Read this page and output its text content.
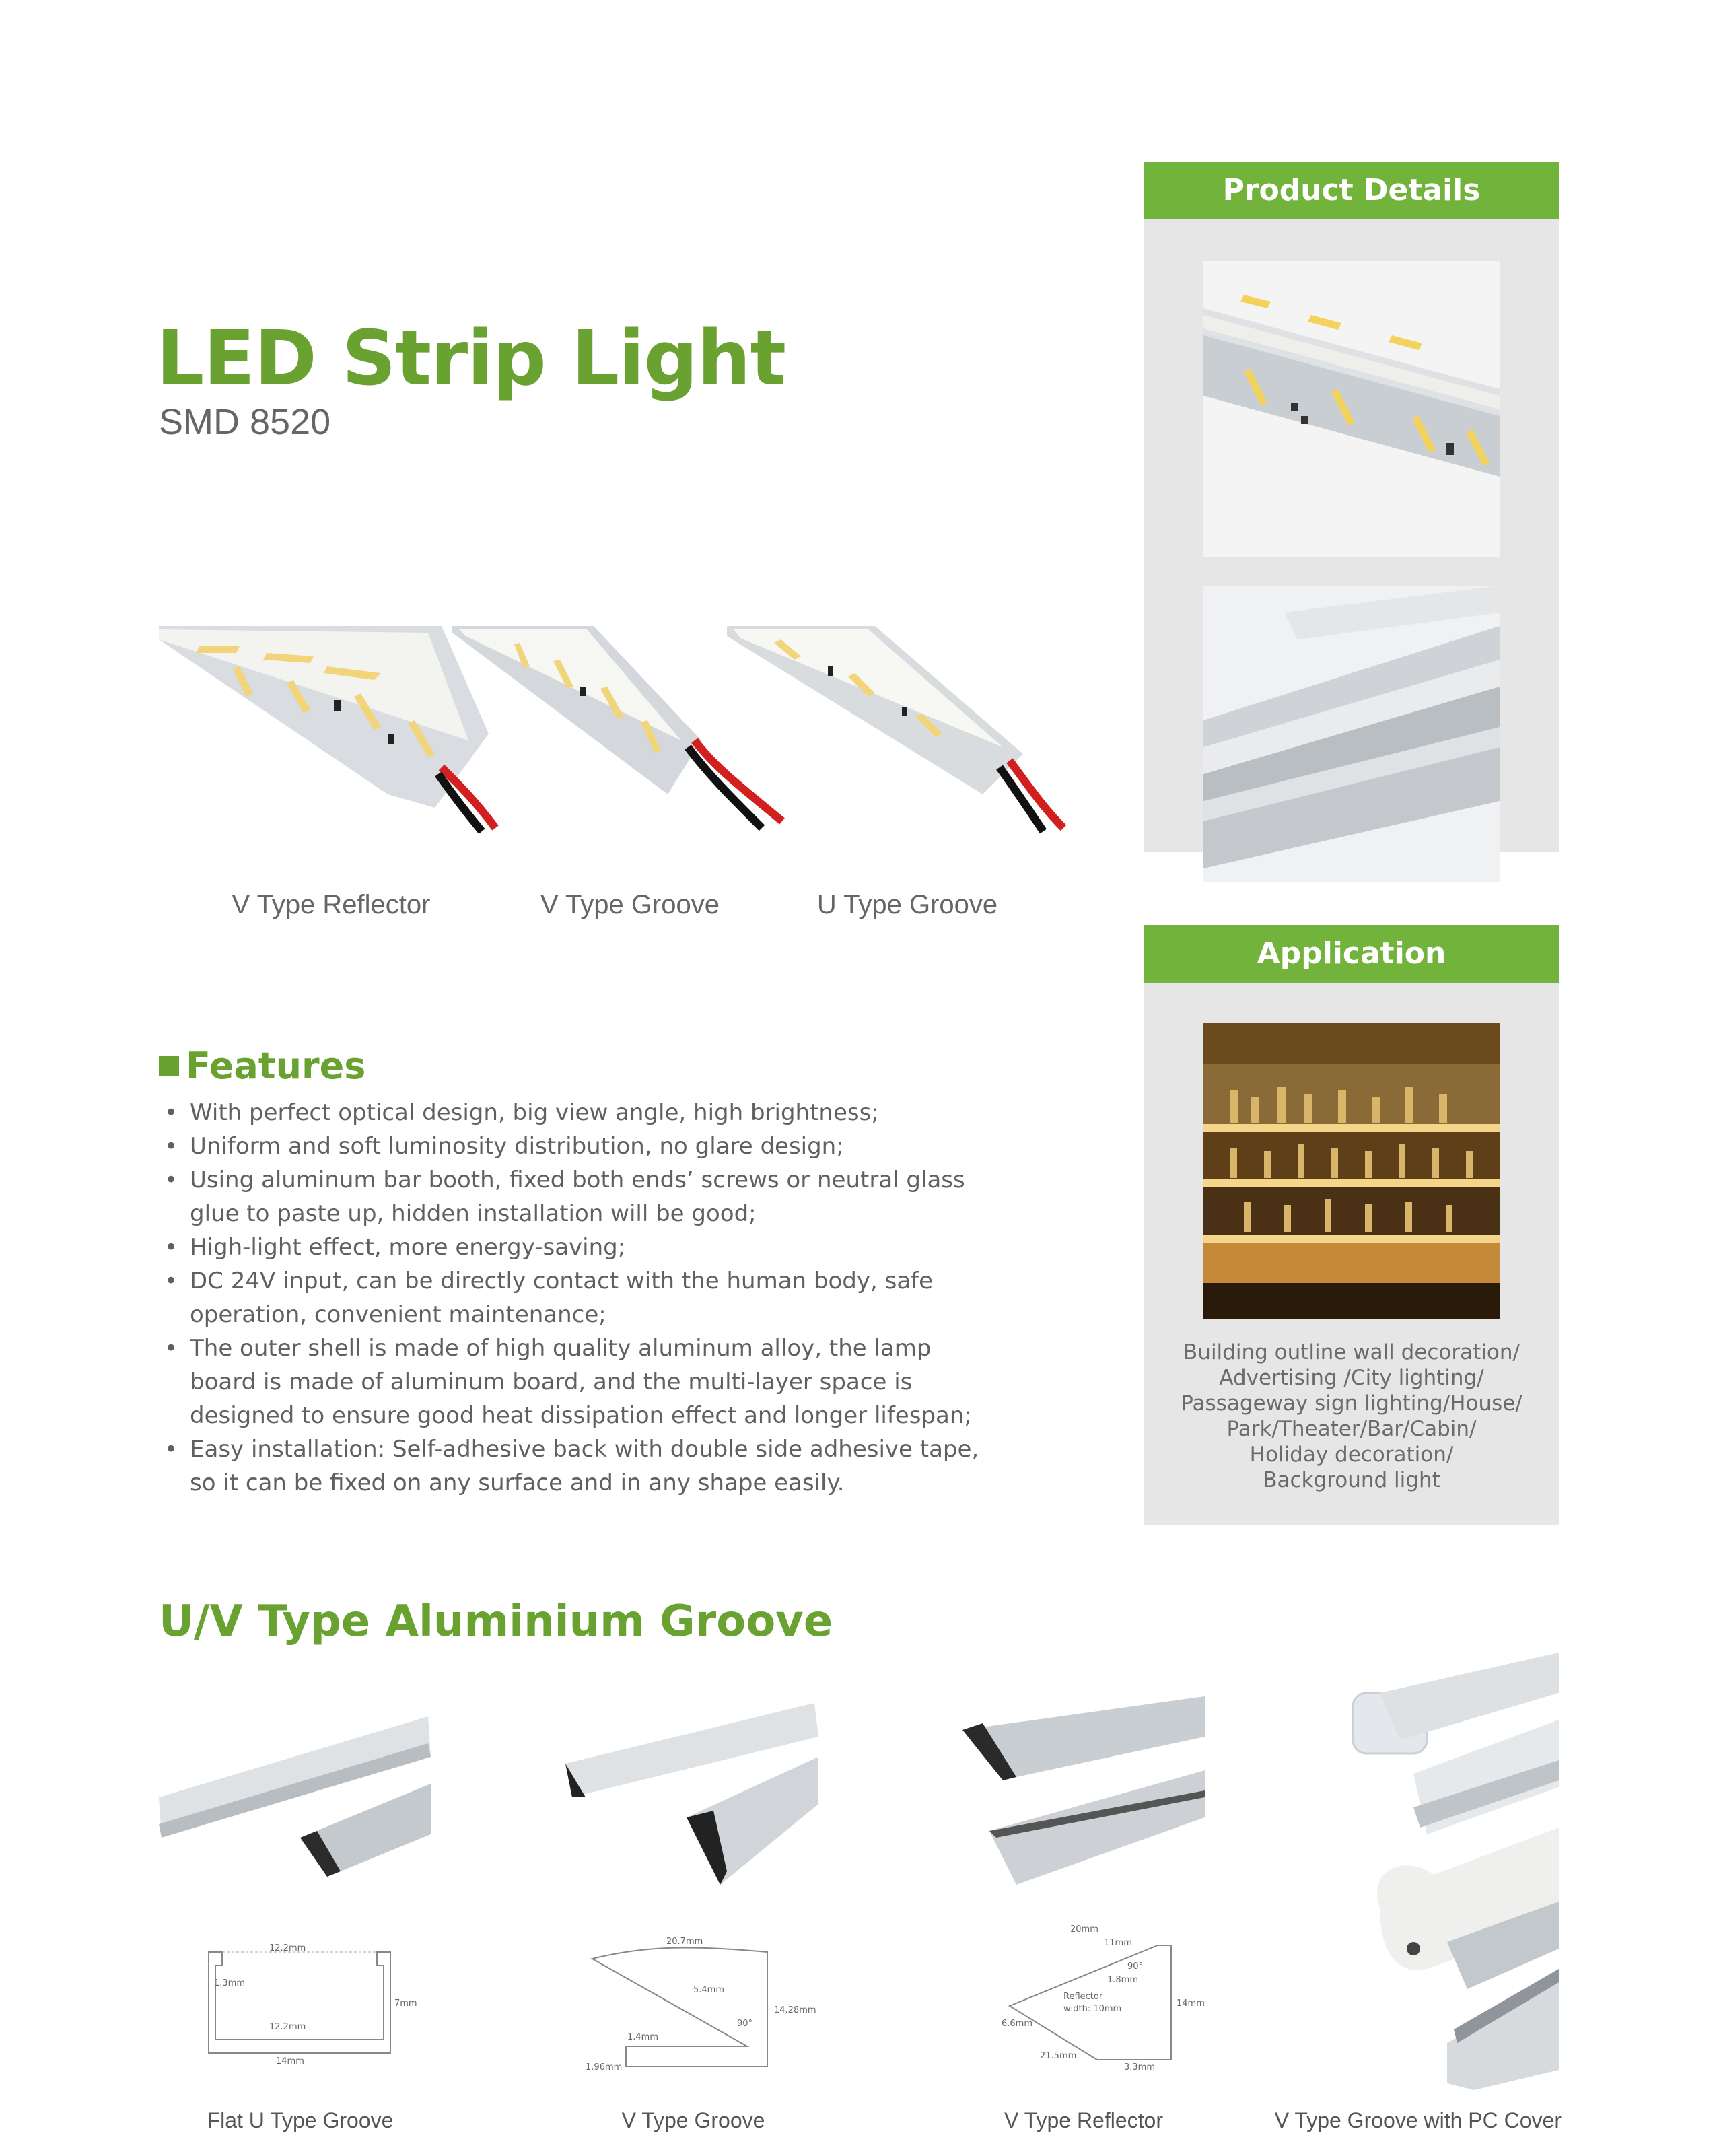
LED Strip Light
SMD 8520
V Type Reflector	V Type Groove	U Type Groove
Features
• With perfect optical design, big view angle, high brightness;
• Uniform and soft luminosity distribution, no glare design;
• Using aluminum bar booth, fixed both ends’ screws or neutral glass glue to paste up, hidden installation will be good;
• High-light effect, more energy-saving;
• DC 24V input, can be directly contact with the human body, safe operation, convenient maintenance;
• The outer shell is made of high quality aluminum alloy, the lamp board is made of aluminum board, and the multi-layer space is designed to ensure good heat dissipation effect and longer lifespan;
• Easy installation: Self-adhesive back with double side adhesive tape, so it can be fixed on any surface and in any shape easily.
Product Details
Application
Building outline wall decoration/
Advertising /City lighting/
Passageway sign lighting/House/
Park/Theater/Bar/Cabin/
Holiday decoration/
Background light
U/V Type Aluminium Groove
12.2mm
1.3mm
12.2mm
7mm
14mm
20.7mm
5.4mm
90°
14.28mm
1.4mm
1.96mm
20mm
11mm
90°
1.8mm
Reflector
width: 10mm
14mm
6.6mm
21.5mm
3.3mm
Flat U Type Groove	V Type Groove	V Type Reflector	V Type Groove with PC Cover
